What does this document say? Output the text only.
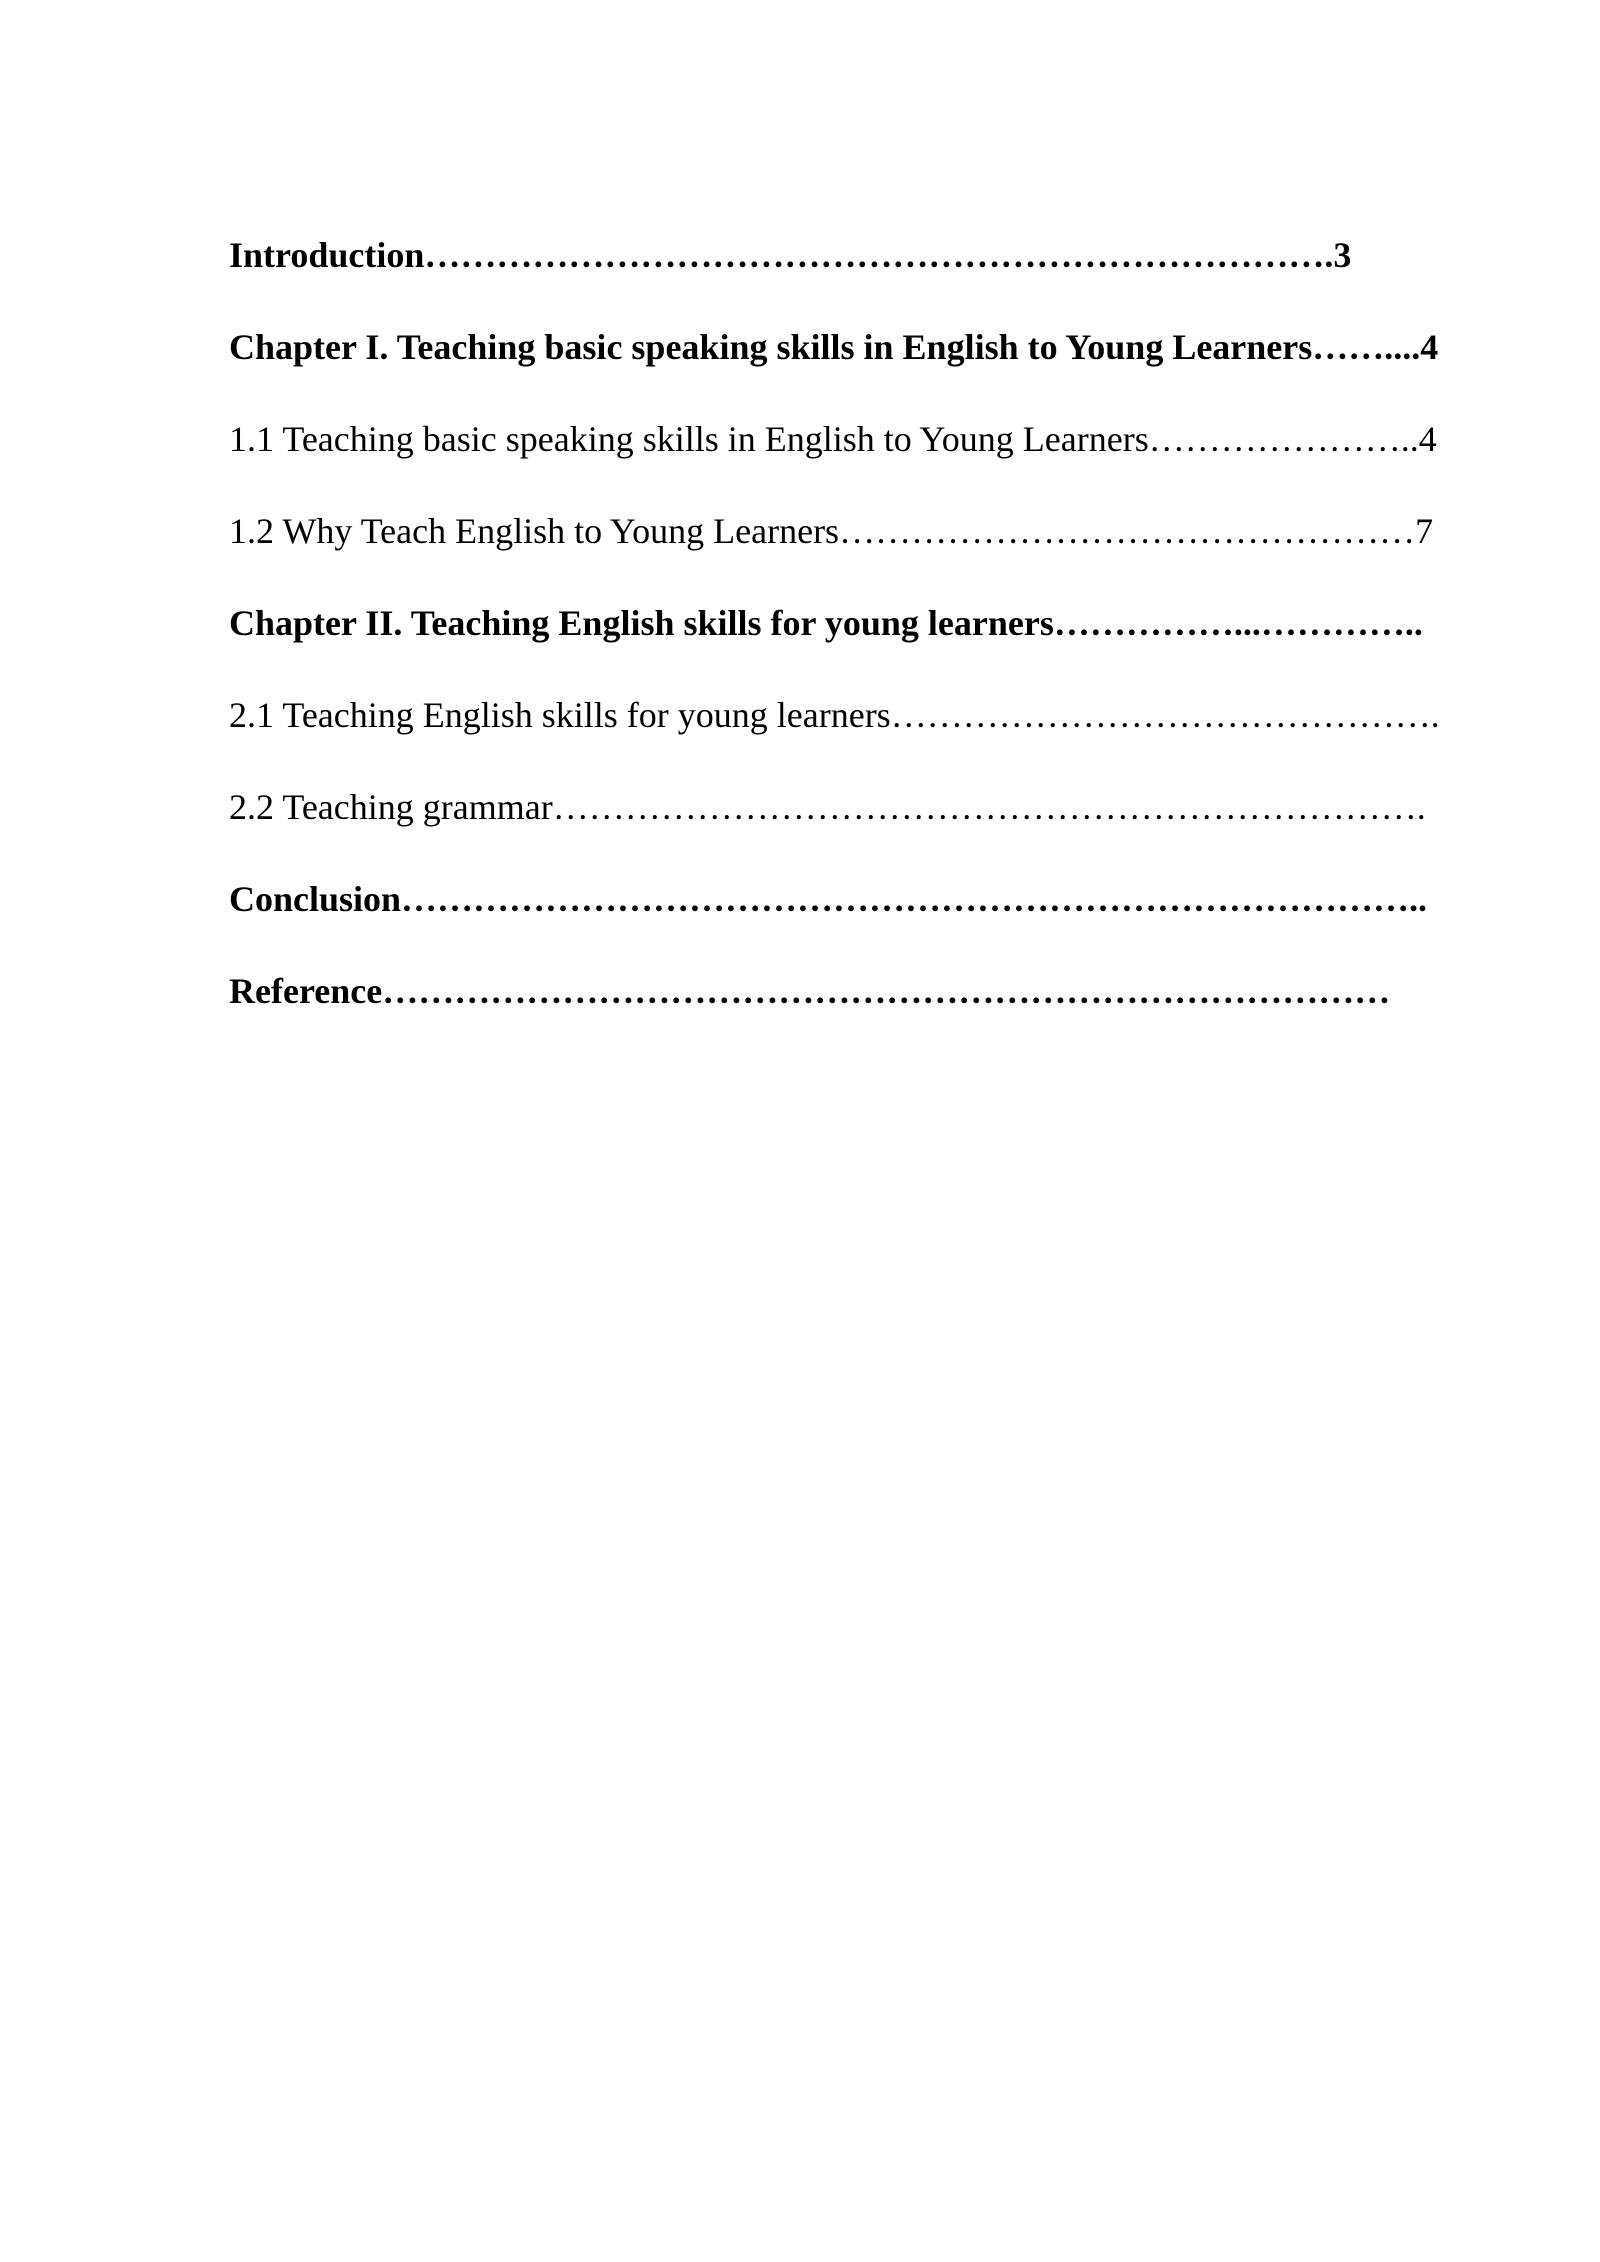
Introduction………………………………………………………………….3

Chapter I. Teaching basic speaking skills in English to Young Learners……....4

1.1 Teaching basic speaking skills in English to Young Learners…………………..4

1.2 Why Teach English to Young Learners…………………………………………7

Chapter II. Teaching English skills for young learners……………...…………..

2.1 Teaching English skills for young learners……………………………………….

2.2 Teaching grammar……………………………………………………………….

Conclusion…………………………………………………………………………..

Reference…………………………………………………………………………
